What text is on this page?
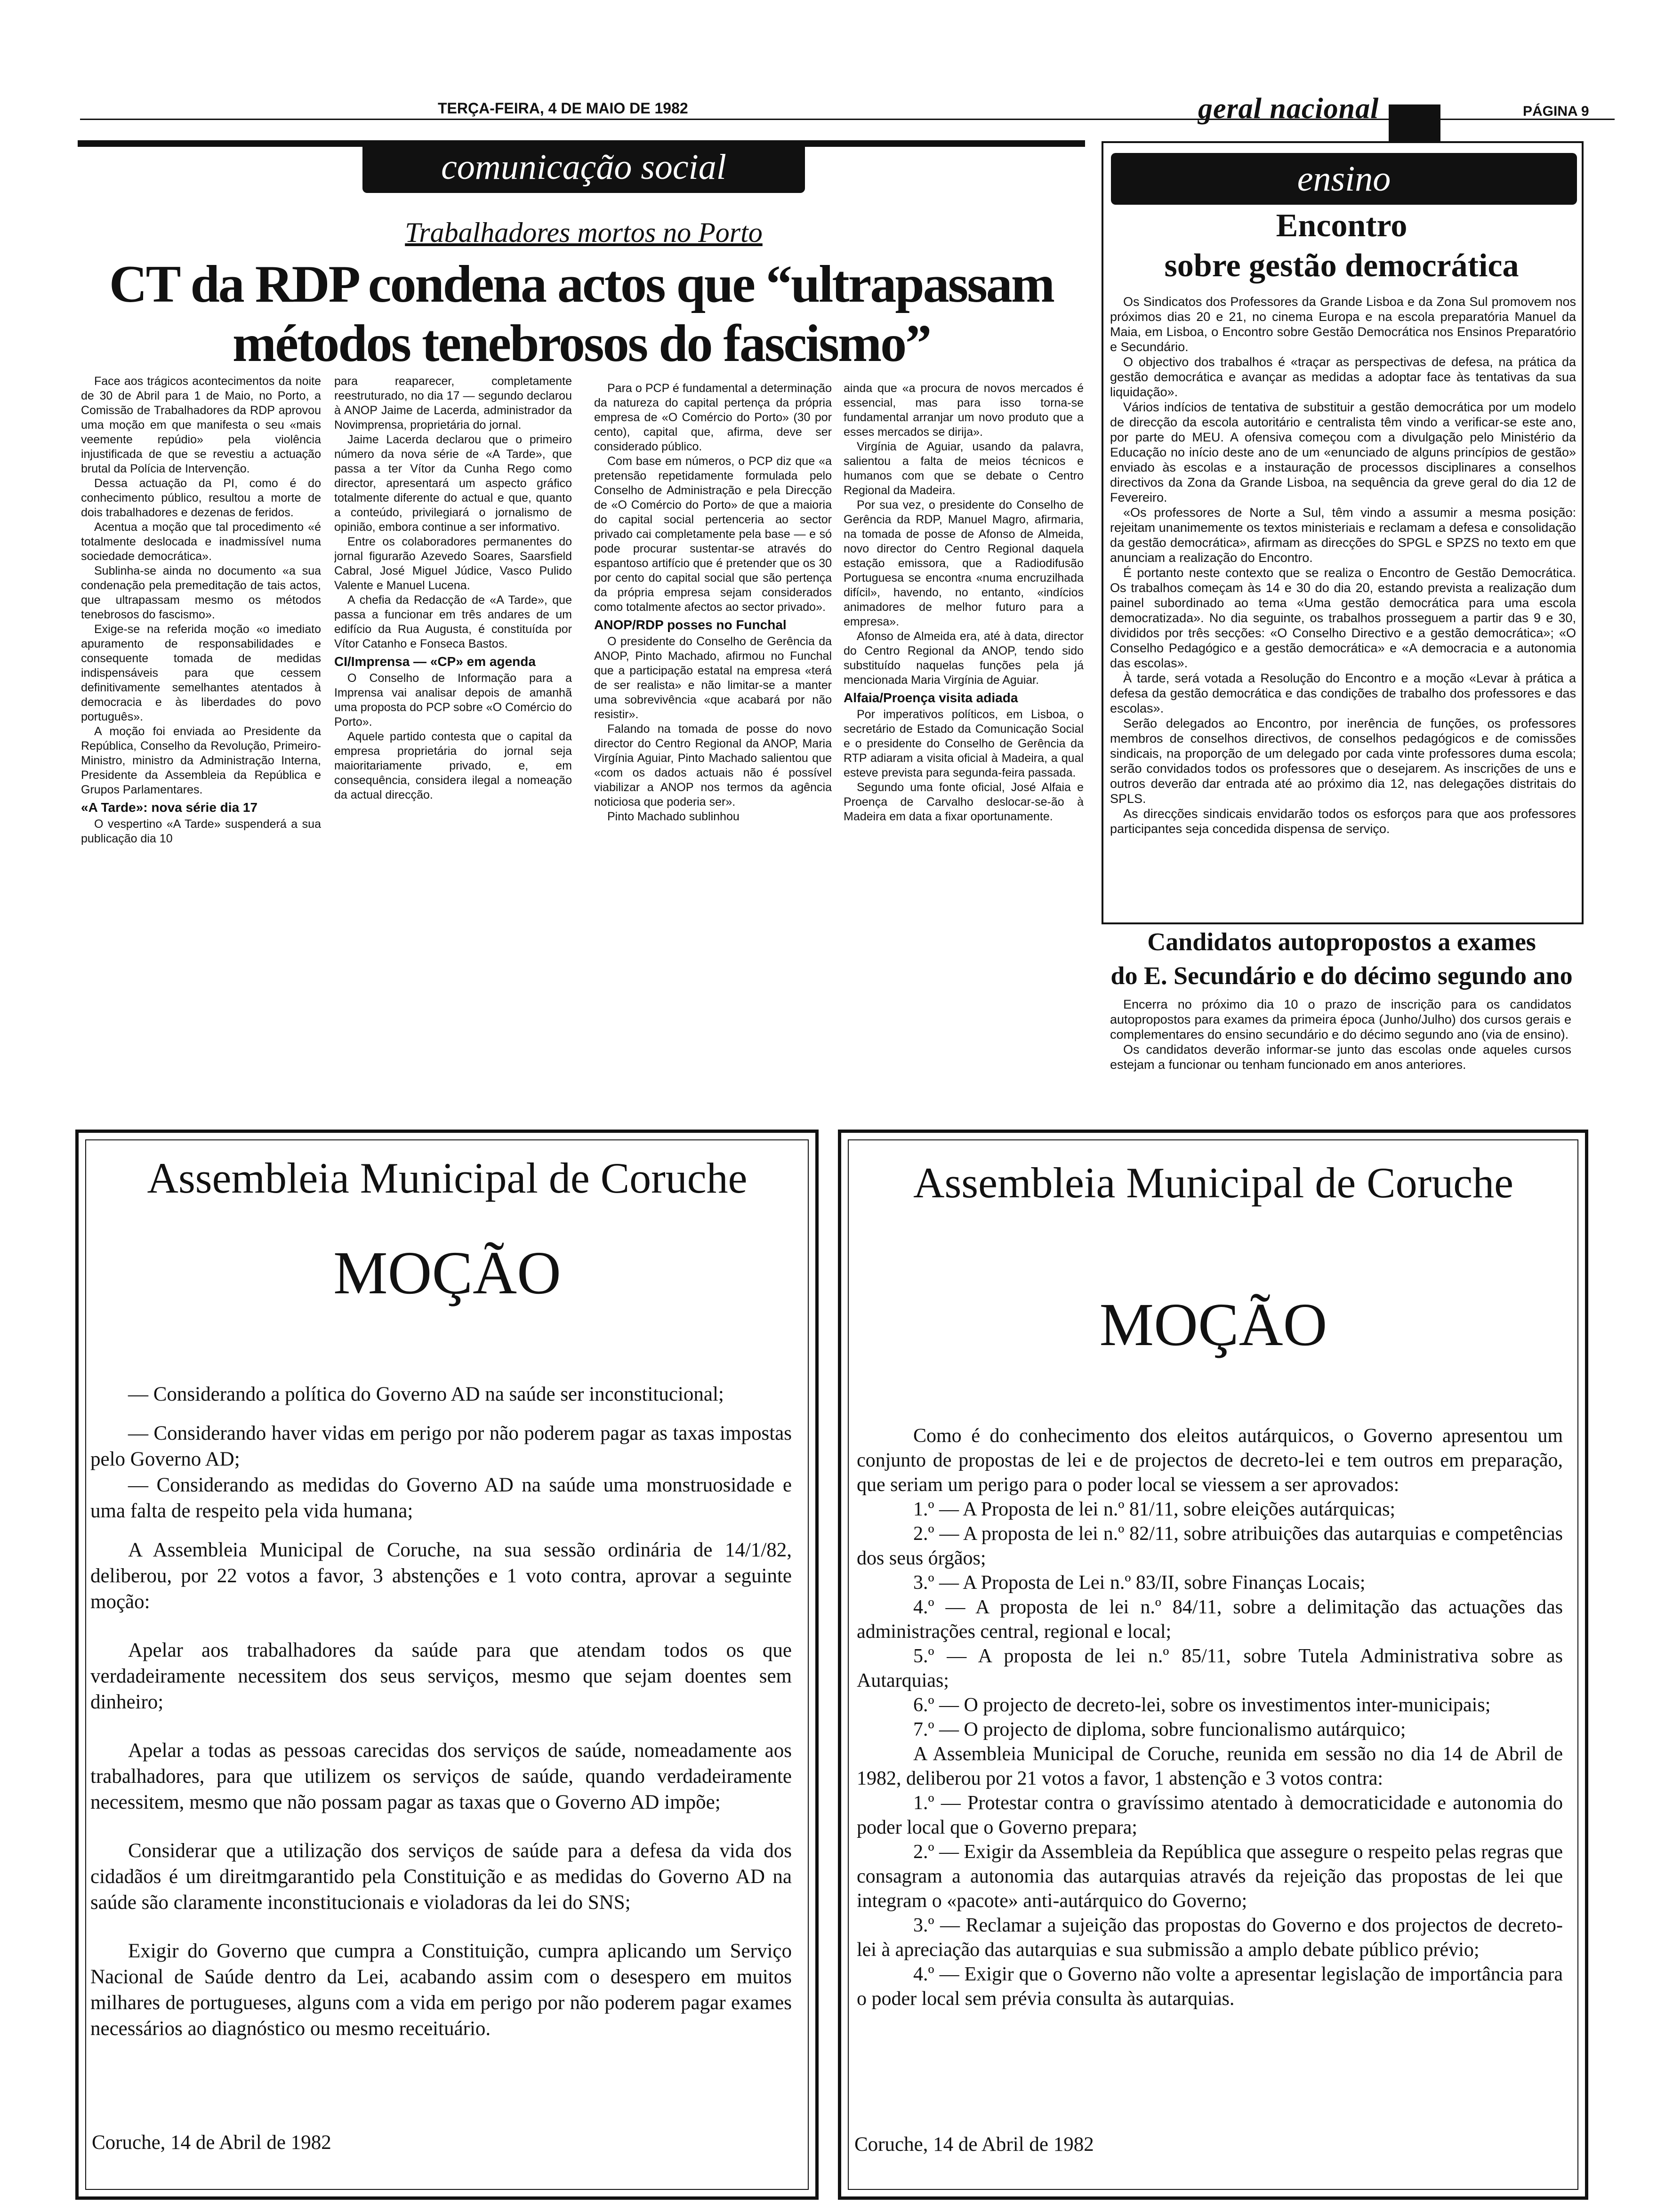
TERÇA-FEIRA, 4 DE MAIO DE 1982	geral nacional	PÁGINA 9
comunicação social
Trabalhadores mortos no Porto
CT da RDP condena actos que “ultrapassam
métodos tenebrosos do fascismo”

Face aos trágicos acontecimentos da noite de 30 de Abril para 1 de Maio, no Porto, a Comissão de Trabalhadores da RDP aprovou uma moção em que manifesta o seu «mais veemente repúdio» pela violência injustificada de que se revestiu a actuação brutal da Polícia de Intervenção.

Dessa actuação da PI, como é do conhecimento público, resultou a morte de dois trabalhadores e dezenas de feridos.

Acentua a moção que tal procedimento «é totalmente deslocada e inadmissível numa sociedade democrática».

Sublinha-se ainda no documento «a sua condenação pela premeditação de tais actos, que ultrapassam mesmo os métodos tenebrosos do fascismo».

Exige-se na referida moção «o imediato apuramento de responsabilidades e consequente tomada de medidas indispensáveis para que cessem definitivamente semelhantes atentados à democracia e às liberdades do povo português».

A moção foi enviada ao Presidente da República, Conselho da Revolução, Primeiro-Ministro, ministro da Administração Interna, Presidente da Assembleia da República e Grupos Parlamentares.

«A Tarde»: nova série dia 17

O vespertino «A Tarde» suspenderá a sua publicação dia 10

para reaparecer, completamente reestruturado, no dia 17 — segundo declarou à ANOP Jaime de Lacerda, administrador da Novimprensa, proprietária do jornal.

Jaime Lacerda declarou que o primeiro número da nova série de «A Tarde», que passa a ter Vítor da Cunha Rego como director, apresentará um aspecto gráfico totalmente diferente do actual e que, quanto a conteúdo, privilegiará o jornalismo de opinião, embora continue a ser informativo.

Entre os colaboradores permanentes do jornal figurarão Azevedo Soares, Saarsfield Cabral, José Miguel Júdice, Vasco Pulido Valente e Manuel Lucena.

A chefia da Redacção de «A Tarde», que passa a funcionar em três andares de um edifício da Rua Augusta, é constituída por Vítor Catanho e Fonseca Bastos.

CI/Imprensa — «CP» em agenda

O Conselho de Informação para a Imprensa vai analisar depois de amanhã uma proposta do PCP sobre «O Comércio do Porto».

Aquele partido contesta que o capital da empresa proprietária do jornal seja maioritariamente privado, e, em consequência, considera ilegal a nomeação da actual direcção.

Para o PCP é fundamental a determinação da natureza do capital pertença da própria empresa de «O Comércio do Porto» (30 por cento), capital que, afirma, deve ser considerado público.

Com base em números, o PCP diz que «a pretensão repetidamente formulada pelo Conselho de Administração e pela Direcção de «O Comércio do Porto» de que a maioria do capital social pertenceria ao sector privado cai completamente pela base — e só pode procurar sustentar-se através do espantoso artifício que é pretender que os 30 por cento do capital social que são pertença da própria empresa sejam considerados como totalmente afectos ao sector privado».

ANOP/RDP posses no Funchal

O presidente do Conselho de Gerência da ANOP, Pinto Machado, afirmou no Funchal que a participação estatal na empresa «terá de ser realista» e não limitar-se a manter uma sobrevivência «que acabará por não resistir».

Falando na tomada de posse do novo director do Centro Regional da ANOP, Maria Virgínia Aguiar, Pinto Machado salientou que «com os dados actuais não é possível viabilizar a ANOP nos termos da agência noticiosa que poderia ser».

Pinto Machado sublinhou

ainda que «a procura de novos mercados é essencial, mas para isso torna-se fundamental arranjar um novo produto que a esses mercados se dirija».

Virgínia de Aguiar, usando da palavra, salientou a falta de meios técnicos e humanos com que se debate o Centro Regional da Madeira.

Por sua vez, o presidente do Conselho de Gerência da RDP, Manuel Magro, afirmaria, na tomada de posse de Afonso de Almeida, novo director do Centro Regional daquela estação emissora, que a Radiodifusão Portuguesa se encontra «numa encruzilhada difícil», havendo, no entanto, «indícios animadores de melhor futuro para a empresa».

Afonso de Almeida era, até à data, director do Centro Regional da ANOP, tendo sido substituído naquelas funções pela já mencionada Maria Virgínia de Aguiar.

Alfaia/Proença visita adiada

Por imperativos políticos, em Lisboa, o secretário de Estado da Comunicação Social e o presidente do Conselho de Gerência da RTP adiaram a visita oficial à Madeira, a qual esteve prevista para segunda-feira passada.

Segundo uma fonte oficial, José Alfaia e Proença de Carvalho deslocar-se-ão à Madeira em data a fixar oportunamente.

ensino
Encontro
sobre gestão democrática

Os Sindicatos dos Professores da Grande Lisboa e da Zona Sul promovem nos próximos dias 20 e 21, no cinema Europa e na escola preparatória Manuel da Maia, em Lisboa, o Encontro sobre Gestão Democrática nos Ensinos Preparatório e Secundário.

O objectivo dos trabalhos é «traçar as perspectivas de defesa, na prática da gestão democrática e avançar as medidas a adoptar face às tentativas da sua liquidação».

Vários indícios de tentativa de substituir a gestão democrática por um modelo de direcção da escola autoritário e centralista têm vindo a verificar-se este ano, por parte do MEU. A ofensiva começou com a divulgação pelo Ministério da Educação no início deste ano de um «enunciado de alguns princípios de gestão» enviado às escolas e a instauração de processos disciplinares a conselhos directivos da Zona da Grande Lisboa, na sequência da greve geral do dia 12 de Fevereiro.

«Os professores de Norte a Sul, têm vindo a assumir a mesma posição: rejeitam unanimemente os textos ministeriais e reclamam a defesa e consolidação da gestão democrática», afirmam as direcções do SPGL e SPZS no texto em que anunciam a realização do Encontro.

É portanto neste contexto que se realiza o Encontro de Gestão Democrática. Os trabalhos começam às 14 e 30 do dia 20, estando prevista a realização dum painel subordinado ao tema «Uma gestão democrática para uma escola democratizada». No dia seguinte, os trabalhos prosseguem a partir das 9 e 30, divididos por três secções: «O Conselho Directivo e a gestão democrática»; «O Conselho Pedagógico e a gestão democrática» e «A democracia e a autonomia das escolas».

À tarde, será votada a Resolução do Encontro e a moção «Levar à prática a defesa da gestão democrática e das condições de trabalho dos professores e das escolas».

Serão delegados ao Encontro, por inerência de funções, os professores membros de conselhos directivos, de conselhos pedagógicos e de comissões sindicais, na proporção de um delegado por cada vinte professores duma escola; serão convidados todos os professores que o desejarem. As inscrições de uns e outros deverão dar entrada até ao próximo dia 12, nas delegações distritais do SPLS.

As direcções sindicais envidarão todos os esforços para que aos professores participantes seja concedida dispensa de serviço.

Candidatos autopropostos a exames
do E. Secundário e do décimo segundo ano

Encerra no próximo dia 10 o prazo de inscrição para os candidatos autopropostos para exames da primeira época (Junho/Julho) dos cursos gerais e complementares do ensino secundário e do décimo segundo ano (via de ensino).

Os candidatos deverão informar-se junto das escolas onde aqueles cursos estejam a funcionar ou tenham funcionado em anos anteriores.

Assembleia Municipal de Coruche
MOÇÃO

— Considerando a política do Governo AD na saúde ser inconstitucional;

— Considerando haver vidas em perigo por não poderem pagar as taxas impostas pelo Governo AD;

— Considerando as medidas do Governo AD na saúde uma monstruosidade e uma falta de respeito pela vida humana;

A Assembleia Municipal de Coruche, na sua sessão ordinária de 14/1/82, deliberou, por 22 votos a favor, 3 abstenções e 1 voto contra, aprovar a seguinte moção:

Apelar aos trabalhadores da saúde para que atendam todos os que verdadeiramente necessitem dos seus serviços, mesmo que sejam doentes sem dinheiro;

Apelar a todas as pessoas carecidas dos serviços de saúde, nomeadamente aos trabalhadores, para que utilizem os serviços de saúde, quando verdadeiramente necessitem, mesmo que não possam pagar as taxas que o Governo AD impõe;

Considerar que a utilização dos serviços de saúde para a defesa da vida dos cidadãos é um direitmgarantido pela Constituição e as medidas do Governo AD na saúde são claramente inconstitucionais e violadoras da lei do SNS;

Exigir do Governo que cumpra a Constituição, cumpra aplicando um Serviço Nacional de Saúde dentro da Lei, acabando assim com o desespero em muitos milhares de portugueses, alguns com a vida em perigo por não poderem pagar exames necessários ao diagnóstico ou mesmo receituário.

Coruche, 14 de Abril de 1982
Assembleia Municipal de Coruche
MOÇÃO

Como é do conhecimento dos eleitos autárquicos, o Governo apresentou um conjunto de propostas de lei e de projectos de decreto-lei e tem outros em preparação, que seriam um perigo para o poder local se viessem a ser aprovados:

1.º — A Proposta de lei n.º 81/11, sobre eleições autárquicas;

2.º — A proposta de lei n.º 82/11, sobre atribuições das autarquias e competências dos seus órgãos;

3.º — A Proposta de Lei n.º 83/II, sobre Finanças Locais;

4.º — A proposta de lei n.º 84/11, sobre a delimitação das actuações das administrações central, regional e local;

5.º — A proposta de lei n.º 85/11, sobre Tutela Administrativa sobre as Autarquias;

6.º — O projecto de decreto-lei, sobre os investimentos inter-municipais;

7.º — O projecto de diploma, sobre funcionalismo autárquico;

A Assembleia Municipal de Coruche, reunida em sessão no dia 14 de Abril de 1982, deliberou por 21 votos a favor, 1 abstenção e 3 votos contra:

1.º — Protestar contra o gravíssimo atentado à democraticidade e autonomia do poder local que o Governo prepara;

2.º — Exigir da Assembleia da República que assegure o respeito pelas regras que consagram a autonomia das autarquias através da rejeição das propostas de lei que integram o «pacote» anti-autárquico do Governo;

3.º — Reclamar a sujeição das propostas do Governo e dos projectos de decreto-lei à apreciação das autarquias e sua submissão a amplo debate público prévio;

4.º — Exigir que o Governo não volte a apresentar legislação de importância para o poder local sem prévia consulta às autarquias.

Coruche, 14 de Abril de 1982
